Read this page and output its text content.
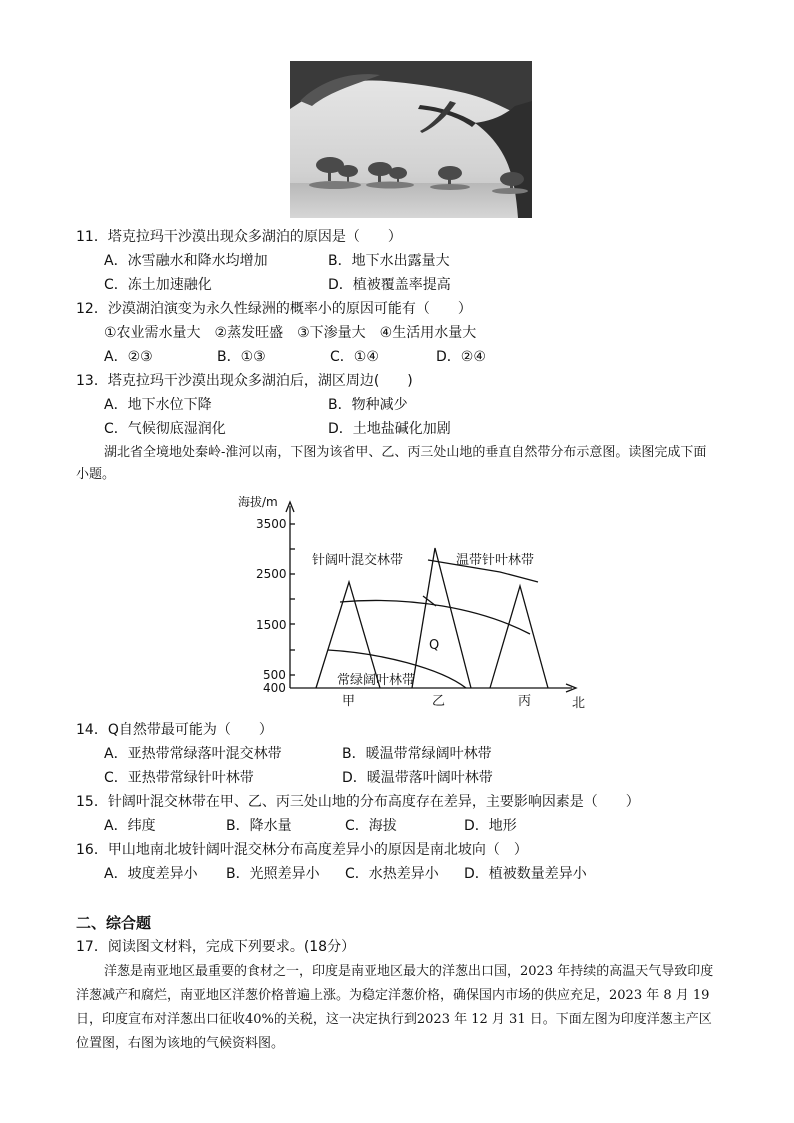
11．塔克拉玛干沙漠出现众多湖泊的原因是（　　）
A．冰雪融水和降水均增加	B．地下水出露量大
C．冻土加速融化	D．植被覆盖率提高
12．沙漠湖泊演变为永久性绿洲的概率小的原因可能有（　　）
①农业需水量大　②蒸发旺盛　③下渗量大　④生活用水量大
A．②③	B．①③	C．①④	D．②④
13．塔克拉玛干沙漠出现众多湖泊后，湖区周边(　　)
A．地下水位下降	B．物种减少
C．气候彻底湿润化	D．土地盐碱化加剧
湖北省全境地处秦岭-淮河以南，下图为该省甲、乙、丙三处山地的垂直自然带分布示意图。读图完成下面小题。
海拔/m
3500
2500
1500
500
400
针阔叶混交林带	温带针叶林带
Q
常绿阔叶林带
甲	乙	丙	北
14．Q自然带最可能为（　　）
A．亚热带常绿落叶混交林带	B．暖温带常绿阔叶林带
C．亚热带常绿针叶林带	D．暖温带落叶阔叶林带
15．针阔叶混交林带在甲、乙、丙三处山地的分布高度存在差异，主要影响因素是（　　）
A．纬度	B．降水量	C．海拔	D．地形
16．甲山地南北坡针阔叶混交林分布高度差异小的原因是南北坡向（　）
A．坡度差异小 B．光照差异小 C．水热差异小 D．植被数量差异小
二、综合题
17．阅读图文材料，完成下列要求。(18分）
洋葱是南亚地区最重要的食材之一，印度是南亚地区最大的洋葱出口国，2023 年持续的高温天气导致印度洋葱减产和腐烂，南亚地区洋葱价格普遍上涨。为稳定洋葱价格，确保国内市场的供应充足，2023 年 8 月 19 日，印度宣布对洋葱出口征收40%的关税，这一决定执行到2023 年 12 月 31 日。下面左图为印度洋葱主产区位置图，右图为该地的气候资料图。
